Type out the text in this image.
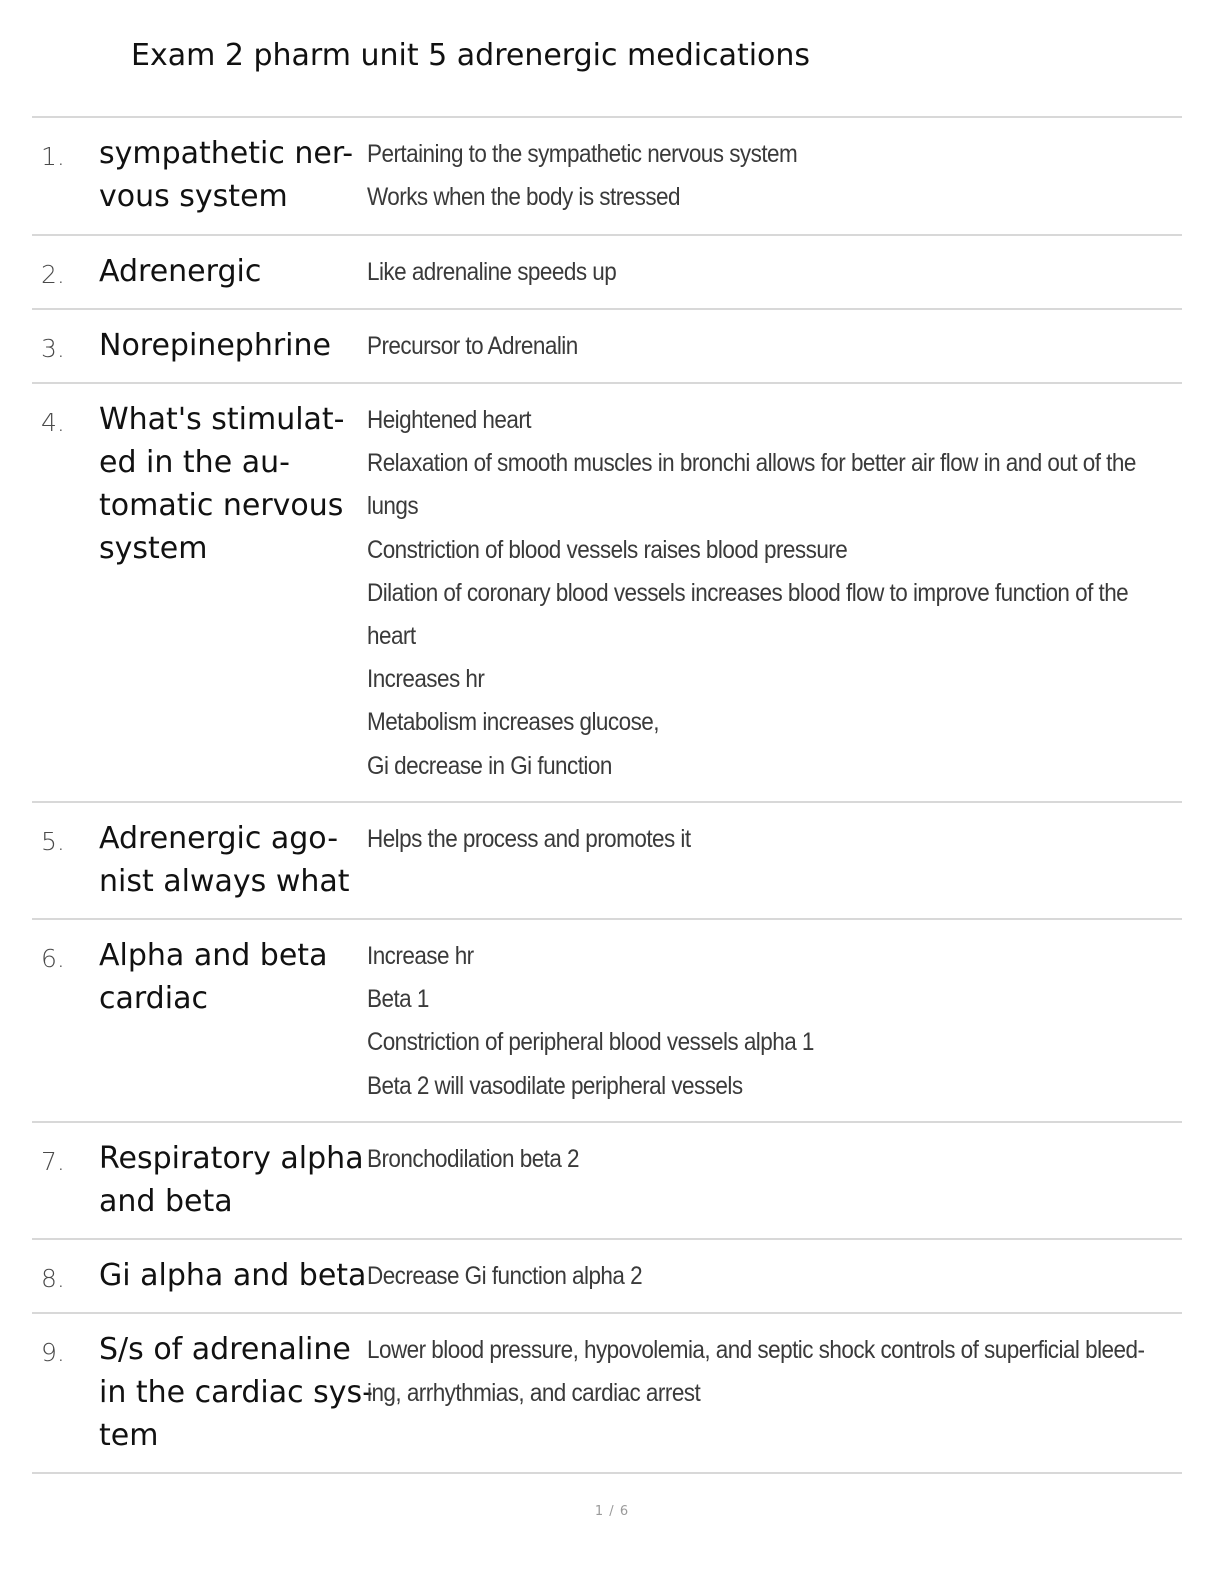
Exam 2 pharm unit 5 adrenergic medications
1. sympathetic ner-
vous system
Pertaining to the sympathetic nervous system
Works when the body is stressed
2. Adrenergic	Like adrenaline speeds up
3. Norepinephrine	Precursor to Adrenalin
4. What's stimulat-
ed in the au-
tomatic nervous
system
Heightened heart
Relaxation of smooth muscles in bronchi allows for better air flow in and out of the
lungs
Constriction of blood vessels raises blood pressure
Dilation of coronary blood vessels increases blood flow to improve function of the
heart
Increases hr
Metabolism increases glucose,
Gi decrease in Gi function
5. Adrenergic ago-
nist always what
Helps the process and promotes it
6. Alpha and beta
cardiac
Increase hr
Beta 1
Constriction of peripheral blood vessels alpha 1
Beta 2 will vasodilate peripheral vessels
7. Respiratory alpha
and beta
Bronchodilation beta 2
8. Gi alpha and beta Decrease Gi function alpha 2
9. S/s of adrenaline
in the cardiac sys-
tem
Lower blood pressure, hypovolemia, and septic shock controls of superficial bleed-
ing, arrhythmias, and cardiac arrest
1 / 6
